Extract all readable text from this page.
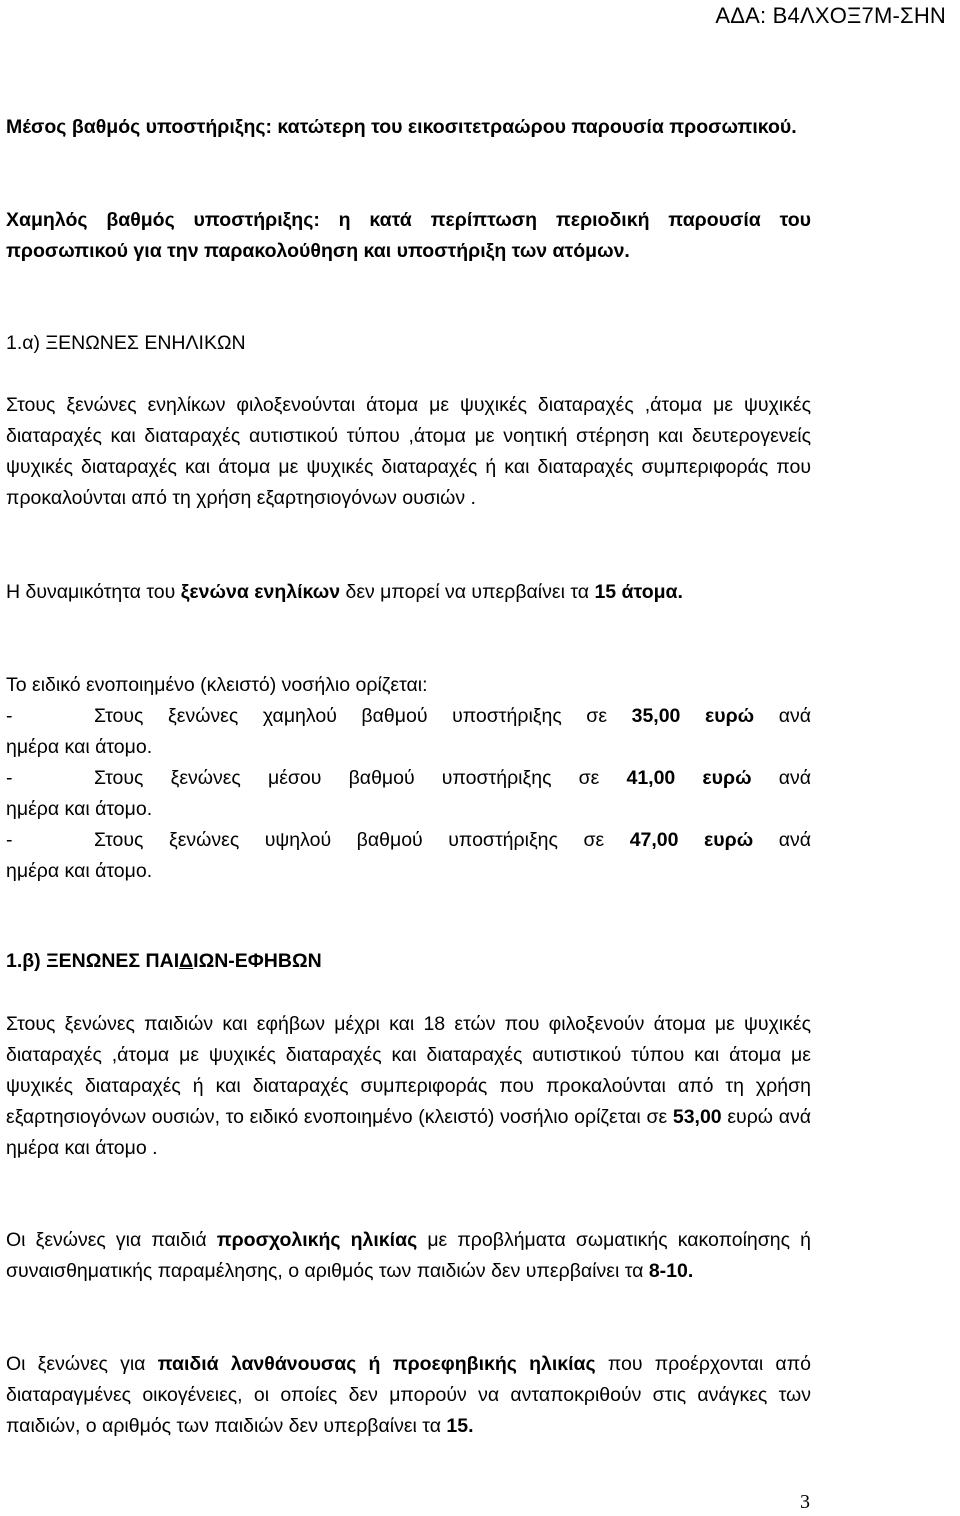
ΑΔΑ: Β4ΛΧΟΞ7Μ-ΣΗΝ

Μέσος βαθμός υποστήριξης: κατώτερη του εικοσιτετραώρου παρουσία προσωπικού.

Χαμηλός βαθμός υποστήριξης: η κατά περίπτωση περιοδική παρουσία του προσωπικού για την παρακολούθηση και υποστήριξη των ατόμων.

1.α) ΞΕΝΩΝΕΣ ΕΝΗΛΙΚΩΝ

Στους ξενώνες ενηλίκων φιλοξενούνται άτομα με ψυχικές διαταραχές ,άτομα με ψυχικές διαταραχές και διαταραχές αυτιστικού τύπου ,άτομα με νοητική στέρηση και δευτερογενείς ψυχικές διαταραχές και άτομα με ψυχικές διαταραχές ή και διαταραχές συμπεριφοράς που προκαλούνται από τη χρήση εξαρτησιογόνων ουσιών .

Η δυναμικότητα του ξενώνα ενηλίκων δεν μπορεί να υπερβαίνει τα 15 άτομα.

Το ειδικό ενοποιημένο (κλειστό) νοσήλιο ορίζεται:

-	Στους ξενώνες χαμηλού βαθμού υποστήριξης σε 35,00 ευρώ ανά

ημέρα και άτομο.

-	Στους ξενώνες μέσου βαθμού υποστήριξης σε 41,00 ευρώ ανά

ημέρα και άτομο.

-	Στους ξενώνες υψηλού βαθμού υποστήριξης σε 47,00 ευρώ ανά

ημέρα και άτομο.

1.β) ΞΕΝΩΝΕΣ ΠΑΙΔΙΩΝ-ΕΦΗΒΩΝ

Στους ξενώνες παιδιών και εφήβων μέχρι και 18 ετών που φιλοξενούν άτομα με ψυχικές διαταραχές ,άτομα με ψυχικές διαταραχές και διαταραχές αυτιστικού τύπου και άτομα με ψυχικές διαταραχές ή και διαταραχές συμπεριφοράς που προκαλούνται από τη χρήση εξαρτησιογόνων ουσιών, το ειδικό ενοποιημένο (κλειστό) νοσήλιο ορίζεται σε 53,00 ευρώ ανά ημέρα και άτομο .

Οι ξενώνες για παιδιά προσχολικής ηλικίας με προβλήματα σωματικής κακοποίησης ή συναισθηματικής παραμέλησης, ο αριθμός των παιδιών δεν υπερβαίνει τα 8-10.

Οι ξενώνες για παιδιά λανθάνουσας ή προεφηβικής ηλικίας που προέρχονται από διαταραγμένες οικογένειες, οι οποίες δεν μπορούν να ανταποκριθούν στις ανάγκες των παιδιών, ο αριθμός των παιδιών δεν υπερβαίνει τα 15.

3
